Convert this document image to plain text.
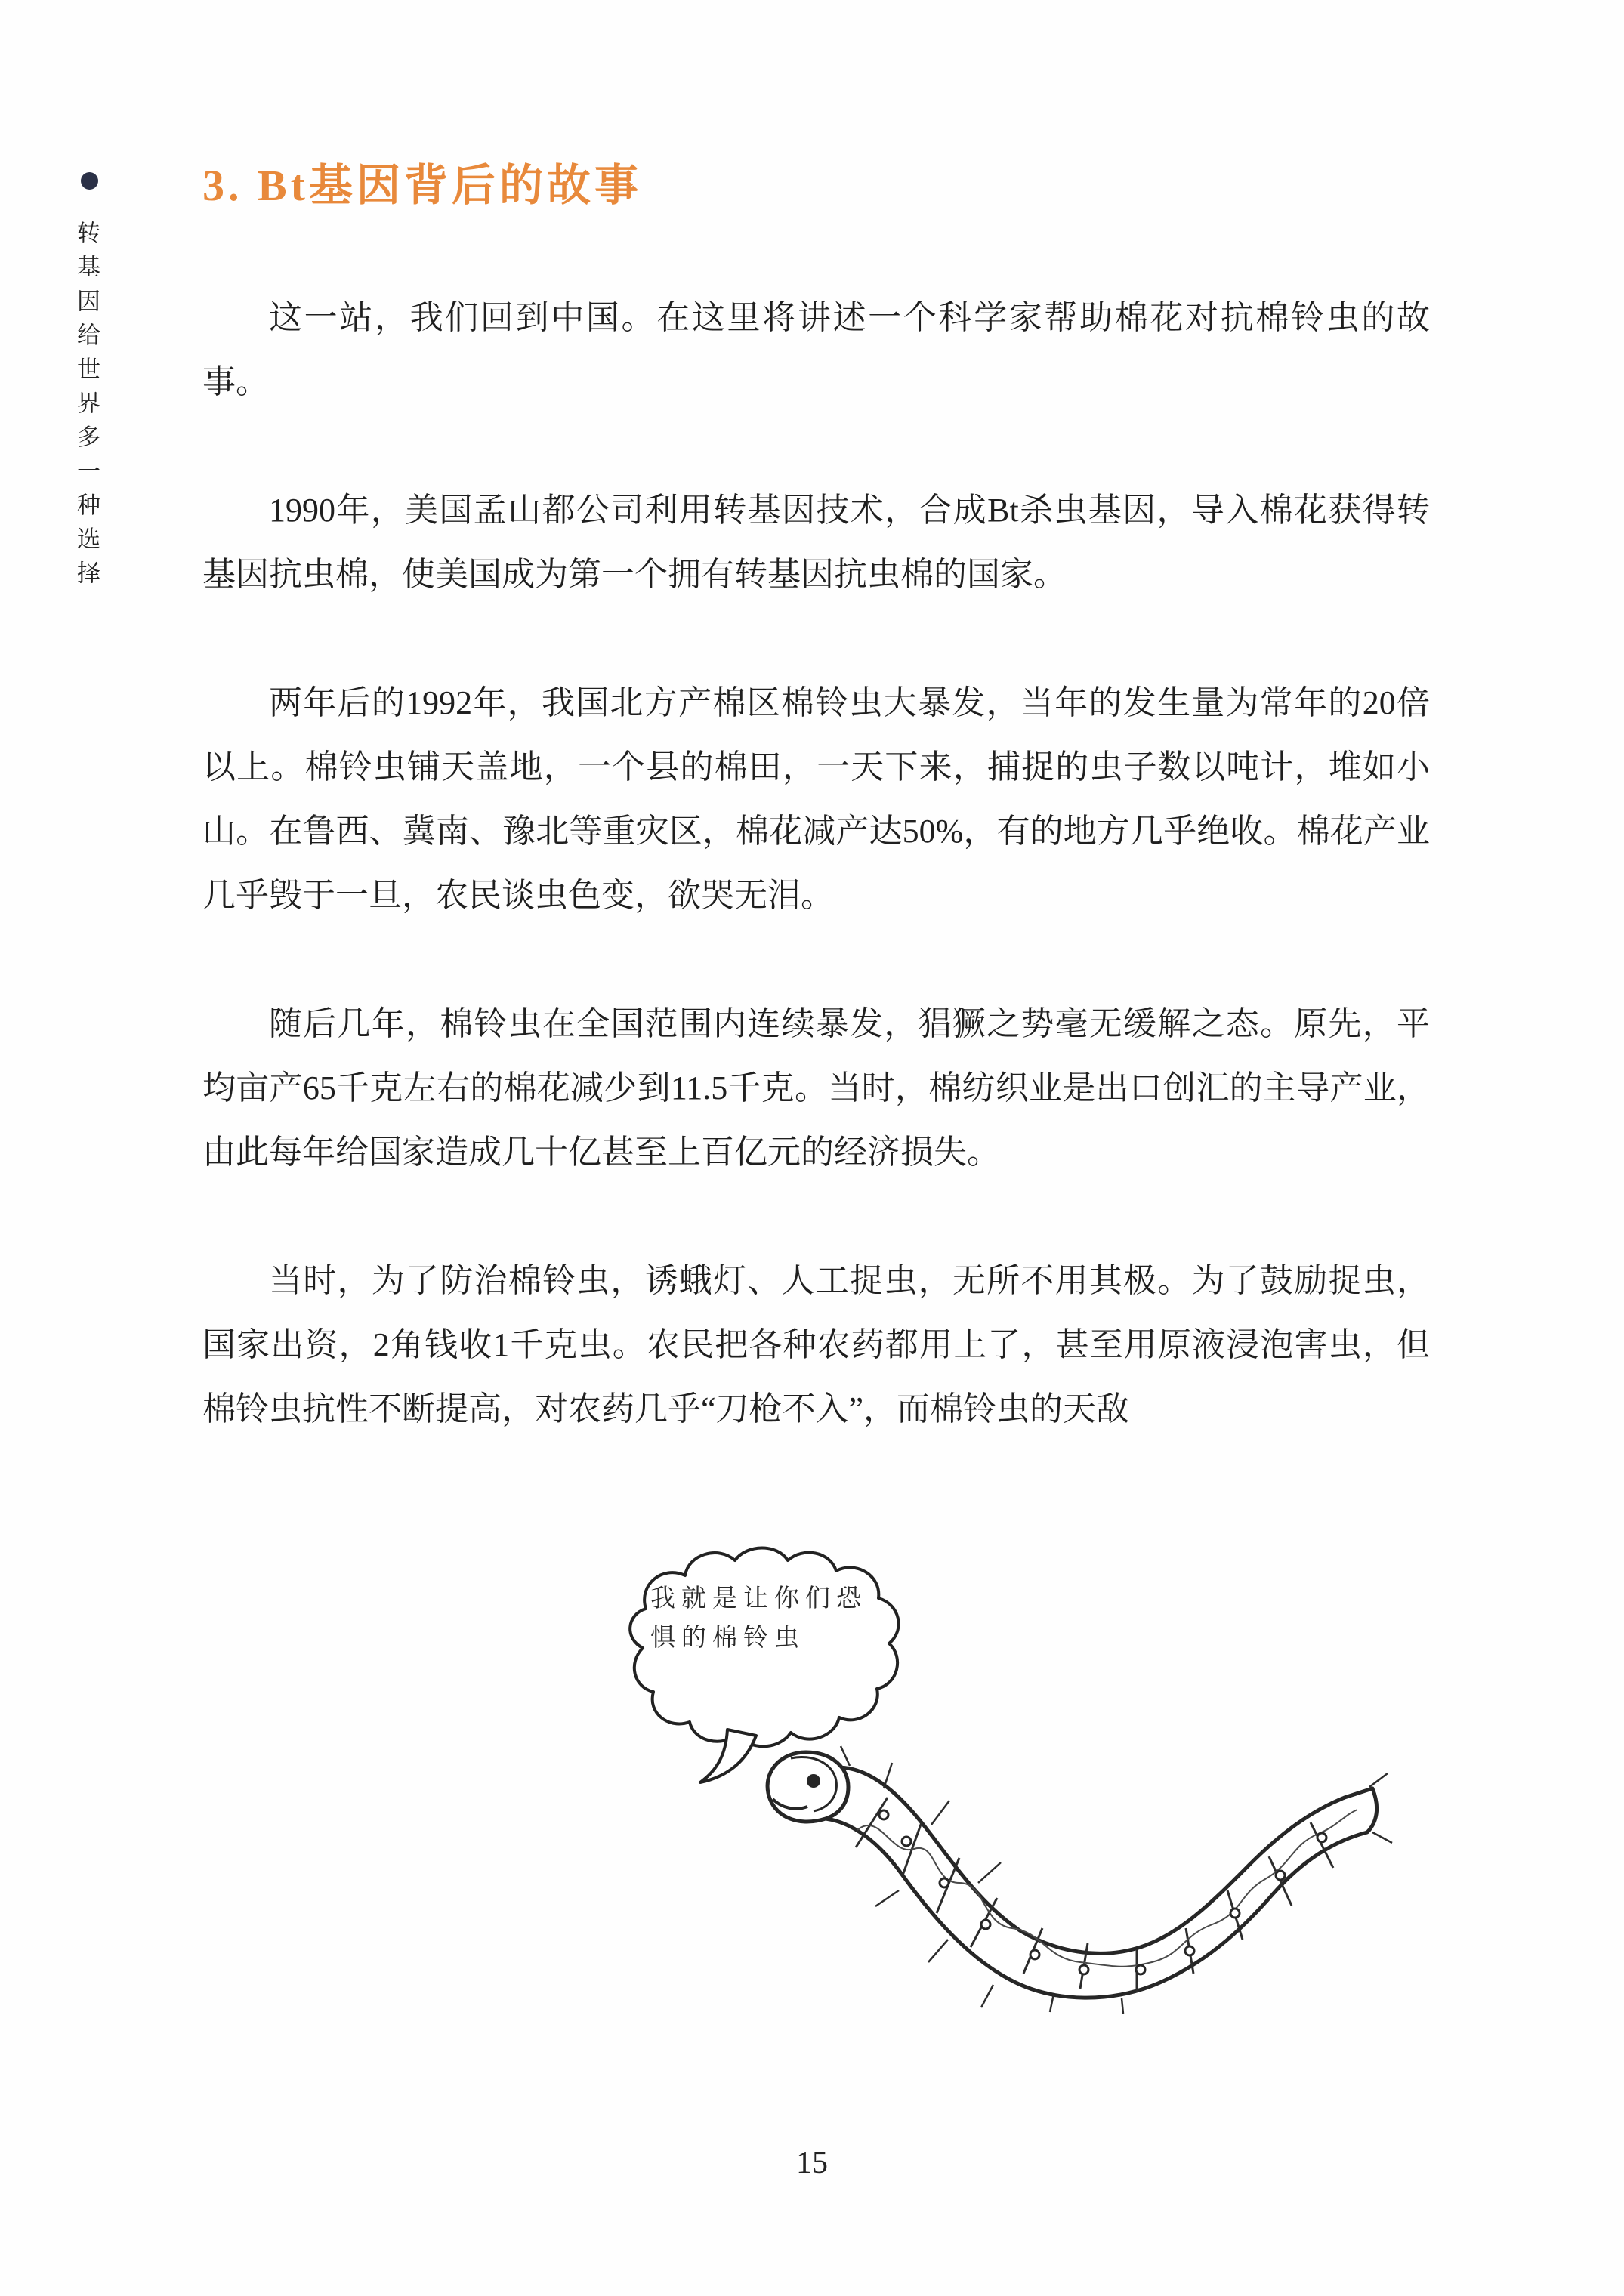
转基因给世界多一种选择
3. Bt基因背后的故事

这一站，我们回到中国。在这里将讲述一个科学家帮助棉花对抗棉铃虫的故事。

1990年，美国孟山都公司利用转基因技术，合成Bt杀虫基因，导入棉花获得转基因抗虫棉，使美国成为第一个拥有转基因抗虫棉的国家。

两年后的1992年，我国北方产棉区棉铃虫大暴发，当年的发生量为常年的20倍以上。棉铃虫铺天盖地，一个县的棉田，一天下来，捕捉的虫子数以吨计，堆如小山。在鲁西、冀南、豫北等重灾区，棉花减产达50%，有的地方几乎绝收。棉花产业几乎毁于一旦，农民谈虫色变，欲哭无泪。

随后几年，棉铃虫在全国范围内连续暴发，猖獗之势毫无缓解之态。原先，平均亩产65千克左右的棉花减少到11.5千克。当时，棉纺织业是出口创汇的主导产业，由此每年给国家造成几十亿甚至上百亿元的经济损失。

当时，为了防治棉铃虫，诱蛾灯、人工捉虫，无所不用其极。为了鼓励捉虫，国家出资，2角钱收1千克虫。农民把各种农药都用上了，甚至用原液浸泡害虫，但棉铃虫抗性不断提高，对农药几乎“刀枪不入”，而棉铃虫的天敌

我就是让你们恐
惧的棉铃虫
15
